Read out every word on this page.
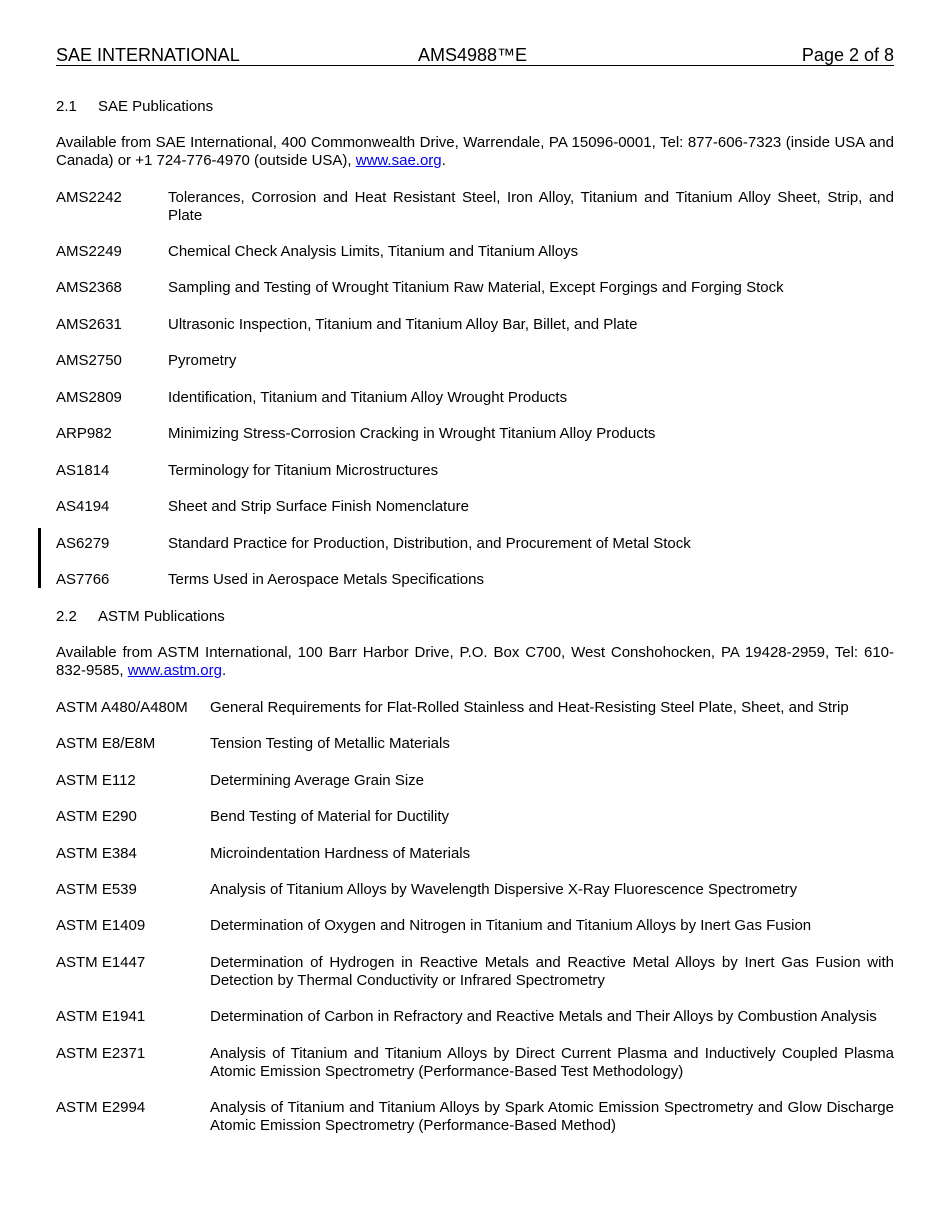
SAE INTERNATIONAL	AMS4988™E	Page 2 of 8
2.1 SAE Publications
Available from SAE International, 400 Commonwealth Drive, Warrendale, PA 15096-0001, Tel: 877-606-7323 (inside USA and Canada) or +1 724-776-4970 (outside USA), www.sae.org.
AMS2242	Tolerances, Corrosion and Heat Resistant Steel, Iron Alloy, Titanium and Titanium Alloy Sheet, Strip, and Plate
AMS2249	Chemical Check Analysis Limits, Titanium and Titanium Alloys
AMS2368	Sampling and Testing of Wrought Titanium Raw Material, Except Forgings and Forging Stock
AMS2631	Ultrasonic Inspection, Titanium and Titanium Alloy Bar, Billet, and Plate
AMS2750	Pyrometry
AMS2809	Identification, Titanium and Titanium Alloy Wrought Products
ARP982	Minimizing Stress-Corrosion Cracking in Wrought Titanium Alloy Products
AS1814	Terminology for Titanium Microstructures
AS4194	Sheet and Strip Surface Finish Nomenclature
AS6279	Standard Practice for Production, Distribution, and Procurement of Metal Stock
AS7766	Terms Used in Aerospace Metals Specifications
2.2 ASTM Publications
Available from ASTM International, 100 Barr Harbor Drive, P.O. Box C700, West Conshohocken, PA 19428-2959, Tel: 610-832-9585, www.astm.org.
ASTM A480/A480M General Requirements for Flat-Rolled Stainless and Heat-Resisting Steel Plate, Sheet, and Strip
ASTM E8/E8M	Tension Testing of Metallic Materials
ASTM E112	Determining Average Grain Size
ASTM E290	Bend Testing of Material for Ductility
ASTM E384	Microindentation Hardness of Materials
ASTM E539	Analysis of Titanium Alloys by Wavelength Dispersive X-Ray Fluorescence Spectrometry
ASTM E1409	Determination of Oxygen and Nitrogen in Titanium and Titanium Alloys by Inert Gas Fusion
ASTM E1447	Determination of Hydrogen in Reactive Metals and Reactive Metal Alloys by Inert Gas Fusion with Detection by Thermal Conductivity or Infrared Spectrometry
ASTM E1941	Determination of Carbon in Refractory and Reactive Metals and Their Alloys by Combustion Analysis
ASTM E2371	Analysis of Titanium and Titanium Alloys by Direct Current Plasma and Inductively Coupled Plasma Atomic Emission Spectrometry (Performance-Based Test Methodology)
ASTM E2994	Analysis of Titanium and Titanium Alloys by Spark Atomic Emission Spectrometry and Glow Discharge Atomic Emission Spectrometry (Performance-Based Method)
